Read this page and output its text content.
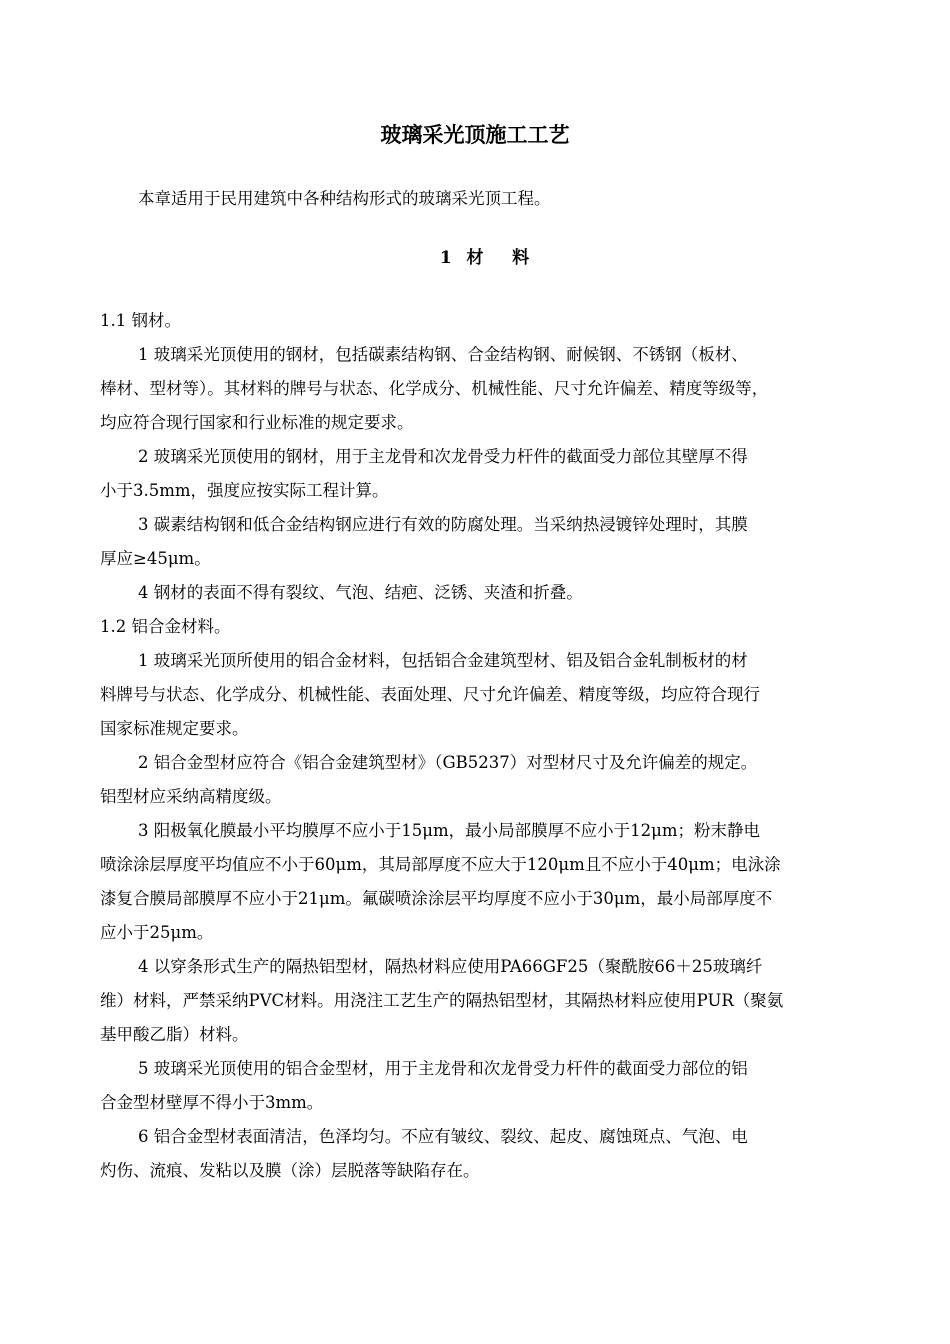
玻璃采光顶施工工艺
本章适用于民用建筑中各种结构形式的玻璃采光顶工程。
1  材    料
1.1 钢材。
1 玻璃采光顶使用的钢材，包括碳素结构钢、合金结构钢、耐候钢、不锈钢（板材、
棒材、型材等）。其材料的牌号与状态、化学成分、机械性能、尺寸允许偏差、精度等级等，
均应符合现行国家和行业标准的规定要求。
2 玻璃采光顶使用的钢材，用于主龙骨和次龙骨受力杆件的截面受力部位其壁厚不得
小于3.5mm，强度应按实际工程计算。
3 碳素结构钢和低合金结构钢应进行有效的防腐处理。当采纳热浸镀锌处理时，其膜
厚应≥45μm。
4 钢材的表面不得有裂纹、气泡、结疤、泛锈、夹渣和折叠。
1.2 铝合金材料。
1 玻璃采光顶所使用的铝合金材料，包括铝合金建筑型材、铝及铝合金轧制板材的材
料牌号与状态、化学成分、机械性能、表面处理、尺寸允许偏差、精度等级，均应符合现行
国家标准规定要求。
2 铝合金型材应符合《铝合金建筑型材》（GB5237）对型材尺寸及允许偏差的规定。
铝型材应采纳高精度级。
3 阳极氧化膜最小平均膜厚不应小于15μm，最小局部膜厚不应小于12μm；粉末静电
喷涂涂层厚度平均值应不小于60μm，其局部厚度不应大于120μm且不应小于40μm；电泳涂
漆复合膜局部膜厚不应小于21μm。氟碳喷涂涂层平均厚度不应小于30μm，最小局部厚度不
应小于25μm。
4 以穿条形式生产的隔热铝型材，隔热材料应使用PA66GF25（聚酰胺66＋25玻璃纤
维）材料，严禁采纳PVC材料。用浇注工艺生产的隔热铝型材，其隔热材料应使用PUR（聚氨
基甲酸乙脂）材料。
5 玻璃采光顶使用的铝合金型材，用于主龙骨和次龙骨受力杆件的截面受力部位的铝
合金型材壁厚不得小于3mm。
6 铝合金型材表面清洁，色泽均匀。不应有皱纹、裂纹、起皮、腐蚀斑点、气泡、电
灼伤、流痕、发粘以及膜（涂）层脱落等缺陷存在。
